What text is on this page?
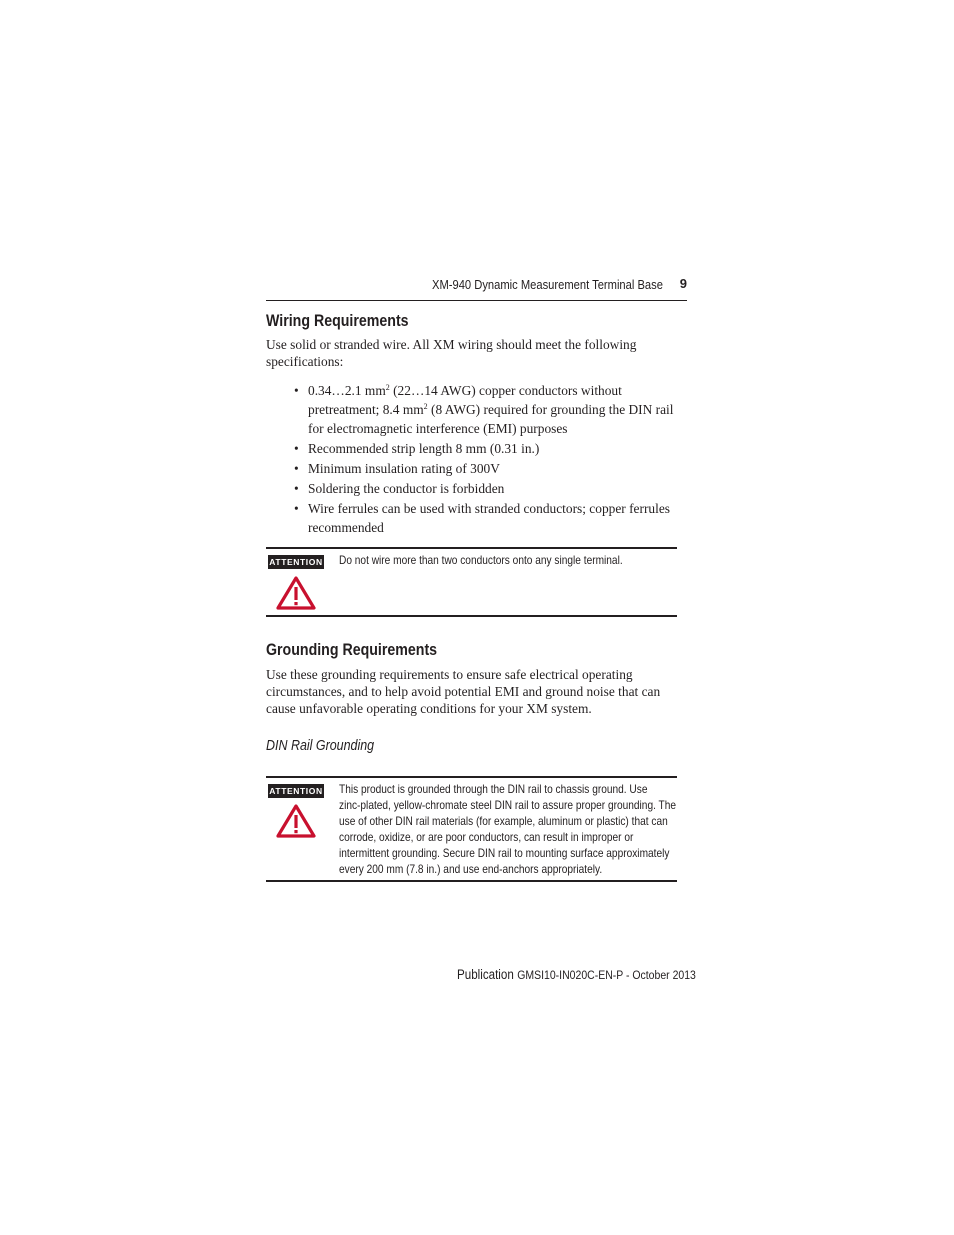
XM-940 Dynamic Measurement Terminal Base 9
Wiring Requirements
Use solid or stranded wire. All XM wiring should meet the following specifications:
• 0.34…2.1 $mm^2$ (22…14 AWG) copper conductors without pretreatment; 8.4 $mm^2$ (8 AWG) required for grounding the DIN rail for electromagnetic interference (EMI) purposes
• Recommended strip length 8 mm (0.31 in.)
• Minimum insulation rating of 300V
• Soldering the conductor is forbidden
• Wire ferrules can be used with stranded conductors; copper ferrules recommended
ATTENTION Do not wire more than two conductors onto any single terminal.
Grounding Requirements
Use these grounding requirements to ensure safe electrical operating circumstances, and to help avoid potential EMI and ground noise that can cause unfavorable operating conditions for your XM system.
DIN Rail Grounding
ATTENTION This product is grounded through the DIN rail to chassis ground. Use
zinc-plated, yellow-chromate steel DIN rail to assure proper grounding. The
use of other DIN rail materials (for example, aluminum or plastic) that can
corrode, oxidize, or are poor conductors, can result in improper or
intermittent grounding. Secure DIN rail to mounting surface approximately
every 200 mm (7.8 in.) and use end-anchors appropriately.
Publication GMSI10-IN020C-EN-P - October 2013
